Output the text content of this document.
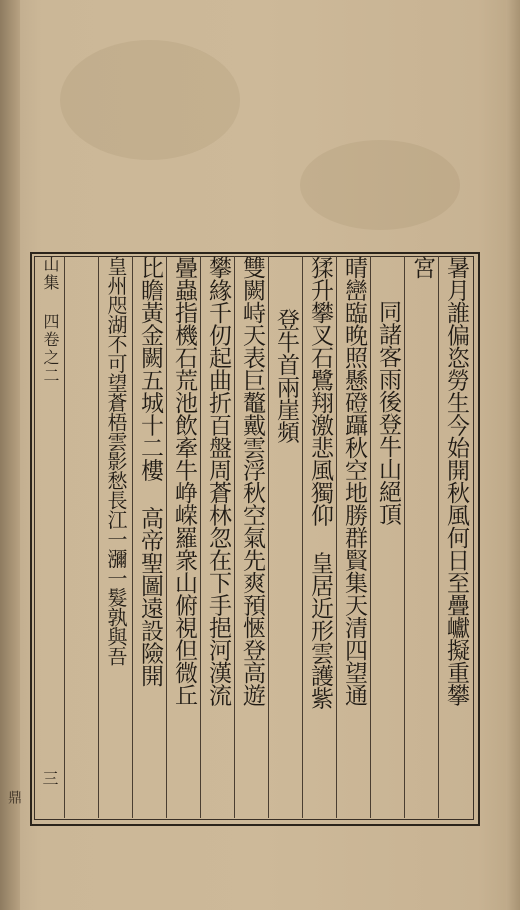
暑月誰偏恣勞生今始開秋風何日至疊巘擬重攀
宮
同諸客雨後登牛山絕頂
晴巒臨晚照懸磴躡秋空地勝群賢集天清四望通
猱升攀叉石鷺翔激悲風獨仰 皇居近形雲護紫
登牛首兩崖頻
雙闕峙天表巨鼇戴雲浮秋空氣先爽預愜登高遊
攀緣千仞起曲折百盤周蒼林忽在下手挹河漢流
曡蟲指機石荒池飲牽牛峥嵘羅衆山俯視但微丘
比瞻黃金闕五城十二樓 高帝聖圖遠設險開
皇州咫湖不可望蒼梧雲影愁長江一瀰一髮孰與吾
山集 四卷之二
三
鼎
